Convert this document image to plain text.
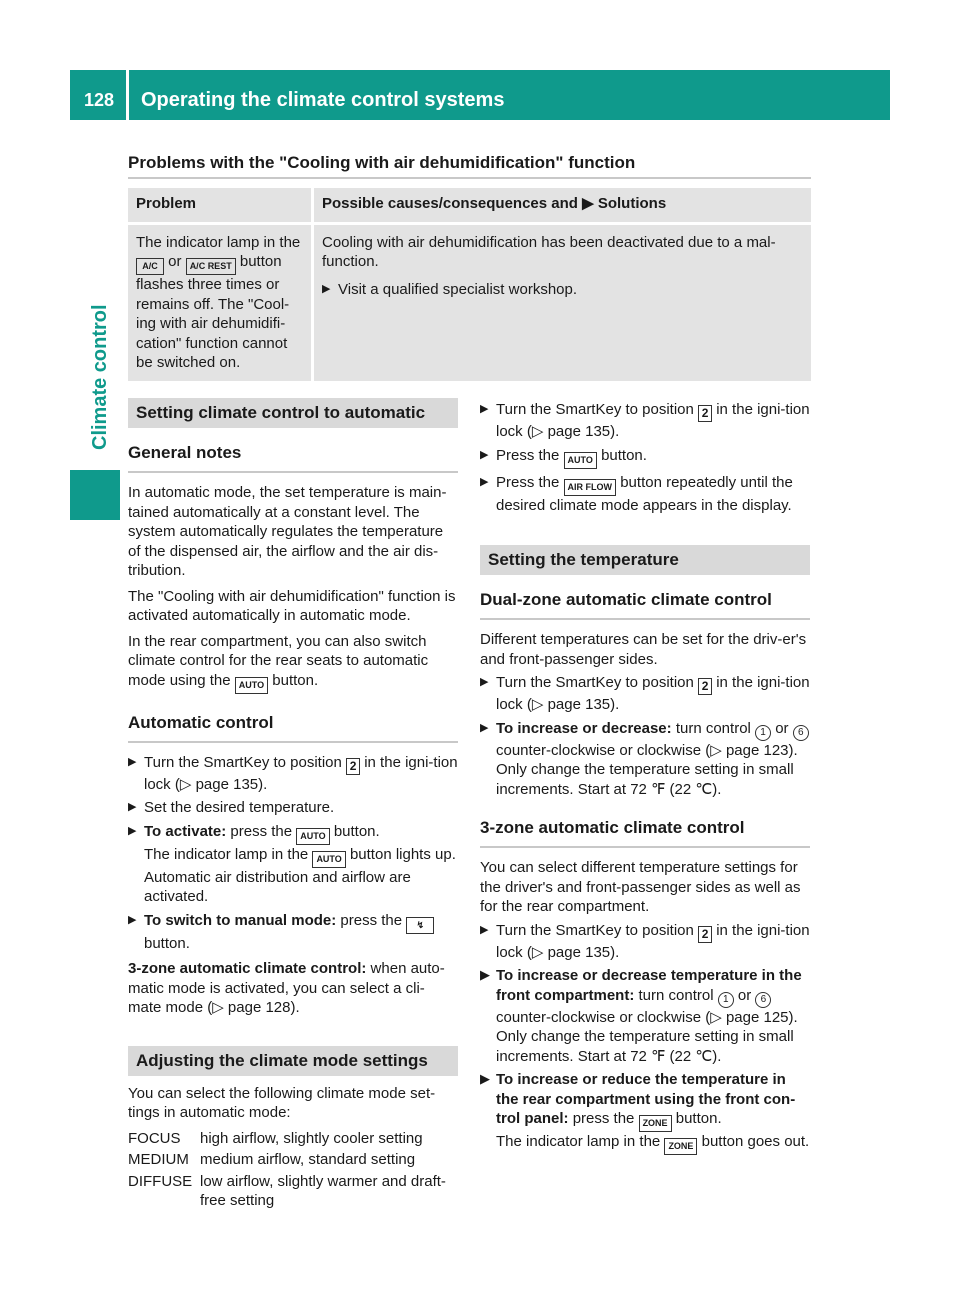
128 Operating the climate control systems
Climate control
Problems with the "Cooling with air dehumidification" function
Problem	Possible causes/consequences and ▶ Solutions
The indicator lamp in the A/C or A/C REST button flashes three times or remains off. The "Cool-ing with air dehumidifi-cation" function cannot be switched on.	Cooling with air dehumidification has been deactivated due to a mal-function.
▶ Visit a qualified specialist workshop.
Setting climate control to automatic
General notes

In automatic mode, the set temperature is main-tained automatically at a constant level. The system automatically regulates the temperature of the dispensed air, the airflow and the air dis-tribution.

The "Cooling with air dehumidification" function is activated automatically in automatic mode.

In the rear compartment, you can also switch climate control for the rear seats to automatic mode using the AUTO button.

Automatic control
▶ Turn the SmartKey to position 2 in the igni-tion lock (▷ page 135).
▶ Set the desired temperature.
▶ To activate: press the AUTO button.
The indicator lamp in the AUTO button lights up. Automatic air distribution and airflow are activated.
▶ To switch to manual mode: press the ↯
button.

3-zone automatic climate control: when auto-matic mode is activated, you can select a cli-mate mode (▷ page 128).

Adjusting the climate mode settings

You can select the following climate mode set-tings in automatic mode:

FOCUS	high airflow, slightly cooler setting
MEDIUM medium airflow, standard setting
DIFFUSE low airflow, slightly warmer and draft-free setting
▶ Turn the SmartKey to position 2 in the igni-tion lock (▷ page 135).
▶ Press the AUTO button.
▶ Press the AIR FLOW button repeatedly until the desired climate mode appears in the display.
Setting the temperature
Dual-zone automatic climate control

Different temperatures can be set for the driv-er's and front-passenger sides.

▶ Turn the SmartKey to position 2 in the igni-tion lock (▷ page 135).
▶ To increase or decrease: turn control 1 or 6 counter-clockwise or clockwise (▷ page 123).
Only change the temperature setting in small increments. Start at 72 ℉ (22 ℃).
3-zone automatic climate control

You can select different temperature settings for the driver's and front-passenger sides as well as for the rear compartment.

▶ Turn the SmartKey to position 2 in the igni-tion lock (▷ page 135).
▶ To increase or decrease temperature in the front compartment: turn control 1 or 6 counter-clockwise or clockwise (▷ page 125).
Only change the temperature setting in small increments. Start at 72 ℉ (22 ℃).
▶ To increase or reduce the temperature in the rear compartment using the front con-trol panel: press the ZONE button.
The indicator lamp in the ZONE button goes out.
